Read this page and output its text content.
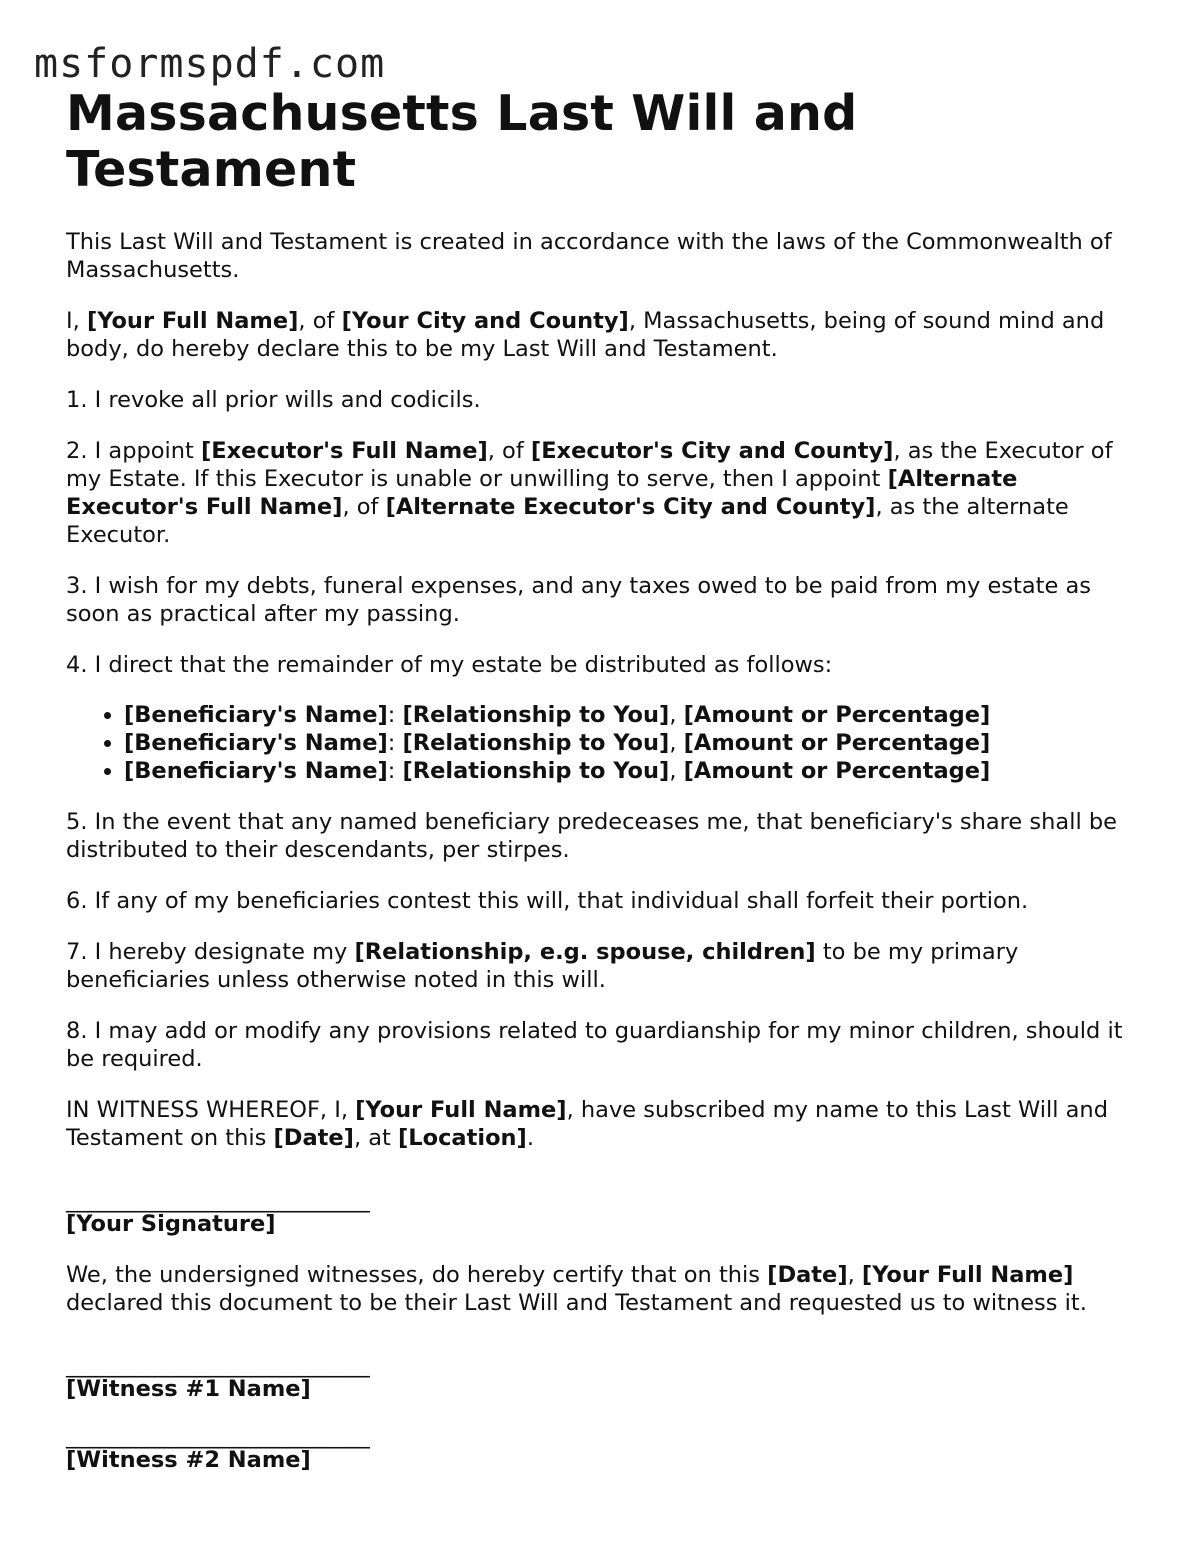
msformspdf.com
Massachusetts Last Will and Testament

This Last Will and Testament is created in accordance with the laws of the Commonwealth of Massachusetts.

I, [Your Full Name], of [Your City and County], Massachusetts, being of sound mind and body, do hereby declare this to be my Last Will and Testament.

1. I revoke all prior wills and codicils.

2. I appoint [Executor's Full Name], of [Executor's City and County], as the Executor of my Estate. If this Executor is unable or unwilling to serve, then I appoint [Alternate Executor's Full Name], of [Alternate Executor's City and County], as the alternate Executor.

3. I wish for my debts, funeral expenses, and any taxes owed to be paid from my estate as soon as practical after my passing.

4. I direct that the remainder of my estate be distributed as follows:

• [Beneficiary's Name]: [Relationship to You], [Amount or Percentage]
• [Beneficiary's Name]: [Relationship to You], [Amount or Percentage]
• [Beneficiary's Name]: [Relationship to You], [Amount or Percentage]

5. In the event that any named beneficiary predeceases me, that beneficiary's share shall be distributed to their descendants, per stirpes.

6. If any of my beneficiaries contest this will, that individual shall forfeit their portion.

7. I hereby designate my [Relationship, e.g. spouse, children] to be my primary beneficiaries unless otherwise noted in this will.

8. I may add or modify any provisions related to guardianship for my minor children, should it be required.

IN WITNESS WHEREOF, I, [Your Full Name], have subscribed my name to this Last Will and Testament on this [Date], at [Location].

___________________________

[Your Signature]

We, the undersigned witnesses, do hereby certify that on this [Date], [Your Full Name] declared this document to be their Last Will and Testament and requested us to witness it.

___________________________

[Witness #1 Name]

___________________________

[Witness #2 Name]
